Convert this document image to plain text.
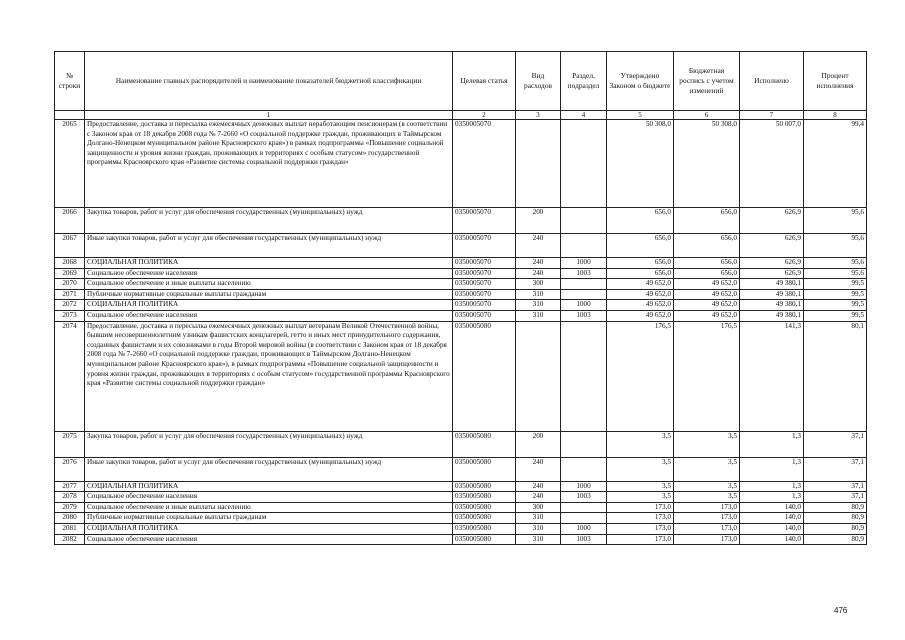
№ строки	Наименование главных распорядителей и наименование показателей бюджетной классификации	Целевая статья	Вид расходов	Раздел, подраздел	Утверждено Законом о бюджете	Бюджетная роспись с учетом изменений	Исполнено	Процент исполнения
	1	2	3	4	5	6	7	8
2065	Предоставление, доставка и пересылка ежемесячных денежных выплат неработающим пенсионерам (в соответствии с Законом края от 18 декабря 2008 года № 7-2660 «О социальной поддержке граждан, проживающих в Таймырском Долгано-Ненецком муниципальном районе Красноярского края») в рамках подпрограммы «Повышение социальной защищенности и уровня жизни граждан, проживающих в территориях с особым статусом» государственной программы Красноярского края «Развитие системы социальной поддержки граждан»	0350005070			50 308,0	50 308,0	50 007,0	99,4
2066	Закупка товаров, работ и услуг для обеспечения государственных (муниципальных) нужд	0350005070	200		656,0	656,0	626,9	95,6
2067	Иные закупки товаров, работ и услуг для обеспечения государственных (муниципальных) нужд	0350005070	240		656,0	656,0	626,9	95,6
2068	СОЦИАЛЬНАЯ ПОЛИТИКА	0350005070	240	1000	656,0	656,0	626,9	95,6
2069	Социальное обеспечение населения	0350005070	240	1003	656,0	656,0	626,9	95,6
2070	Социальное обеспечение и иные выплаты населению	0350005070	300		49 652,0	49 652,0	49 380,1	99,5
2071	Публичные нормативные социальные выплаты гражданам	0350005070	310		49 652,0	49 652,0	49 380,1	99,5
2072	СОЦИАЛЬНАЯ ПОЛИТИКА	0350005070	310	1000	49 652,0	49 652,0	49 380,1	99,5
2073	Социальное обеспечение населения	0350005070	310	1003	49 652,0	49 652,0	49 380,1	99,5
2074	Предоставление, доставка и пересылка ежемесячных денежных выплат ветеранам Великой Отечественной войны, бывшим несовершеннолетним узникам фашистских концлагерей, гетто и иных мест принудительного содержания, созданных фашистами и их союзниками в годы Второй мировой войны (в соответствии с Законом края от 18 декабря 2008 года № 7-2660 «О социальной поддержке граждан, проживающих в Таймырском Долгано-Ненецком муниципальном районе Красноярского края»), в рамках подпрограммы «Повышение социальной защищенности и уровня жизни граждан, проживающих в территориях с особым статусом» государственной программы Красноярского края «Развитие системы социальной поддержки граждан»	0350005080			176,5	176,5	141,3	80,1
2075	Закупка товаров, работ и услуг для обеспечения государственных (муниципальных) нужд	0350005080	200		3,5	3,5	1,3	37,1
2076	Иные закупки товаров, работ и услуг для обеспечения государственных (муниципальных) нужд	0350005080	240		3,5	3,5	1,3	37,1
2077	СОЦИАЛЬНАЯ ПОЛИТИКА	0350005080	240	1000	3,5	3,5	1,3	37,1
2078	Социальное обеспечение населения	0350005080	240	1003	3,5	3,5	1,3	37,1
2079	Социальное обеспечение и иные выплаты населению	0350005080	300		173,0	173,0	140,0	80,9
2080	Публичные нормативные социальные выплаты гражданам	0350005080	310		173,0	173,0	140,0	80,9
2081	СОЦИАЛЬНАЯ ПОЛИТИКА	0350005080	310	1000	173,0	173,0	140,0	80,9
2082	Социальное обеспечение населения	0350005080	310	1003	173,0	173,0	140,0	80,9
476
